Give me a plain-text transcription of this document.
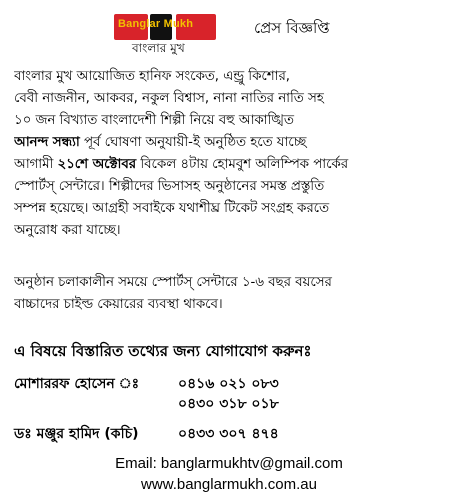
Banglar Mukh
বাংলার মুখ
প্রেস বিজ্ঞপ্তি
বাংলার মুখ আয়োজিত হানিফ সংকেত, এন্ড্রু কিশোর,
বেবী নাজনীন, আকবর, নকুল বিশ্বাস, নানা নাতির নাতি সহ
১০ জন বিখ্যাত বাংলাদেশী শিল্পী নিয়ে বহু আকাঙ্খিত
আনন্দ সন্ধ্যা পূর্ব ঘোষণা অনুযায়ী-ই অনুষ্ঠিত হতে যাচ্ছে
আগামী ২১শে অক্টোবর বিকেল ৪টায় হোমবুশ অলিম্পিক পার্কের
স্পোর্টস্ সেন্টারে। শিল্পীদের ভিসাসহ অনুষ্ঠানের সমস্ত প্রস্তুতি
সম্পন্ন হয়েছে। আগ্রহী সবাইকে যথাশীঘ্র টিকেট সংগ্রহ করতে
অনুরোধ করা যাচ্ছে।
অনুষ্ঠান চলাকালীন সময়ে স্পোর্টস্ সেন্টারে ১-৬ বছর বয়সের
বাচ্চাদের চাইল্ড কেয়ারের ব্যবস্থা থাকবে।
এ বিষয়ে বিস্তারিত তথ্যের জন্য যোগাযোগ করুনঃ
মোশাররফ হোসেন ঃ	০৪১৬ ০২১ ০৮৩
০৪৩০ ৩১৮ ০১৮
ডঃ মঞ্জুর হামিদ (কচি)	০৪৩৩ ৩০৭ ৪৭৪
Email: banglarmukhtv@gmail.com
www.banglarmukh.com.au
